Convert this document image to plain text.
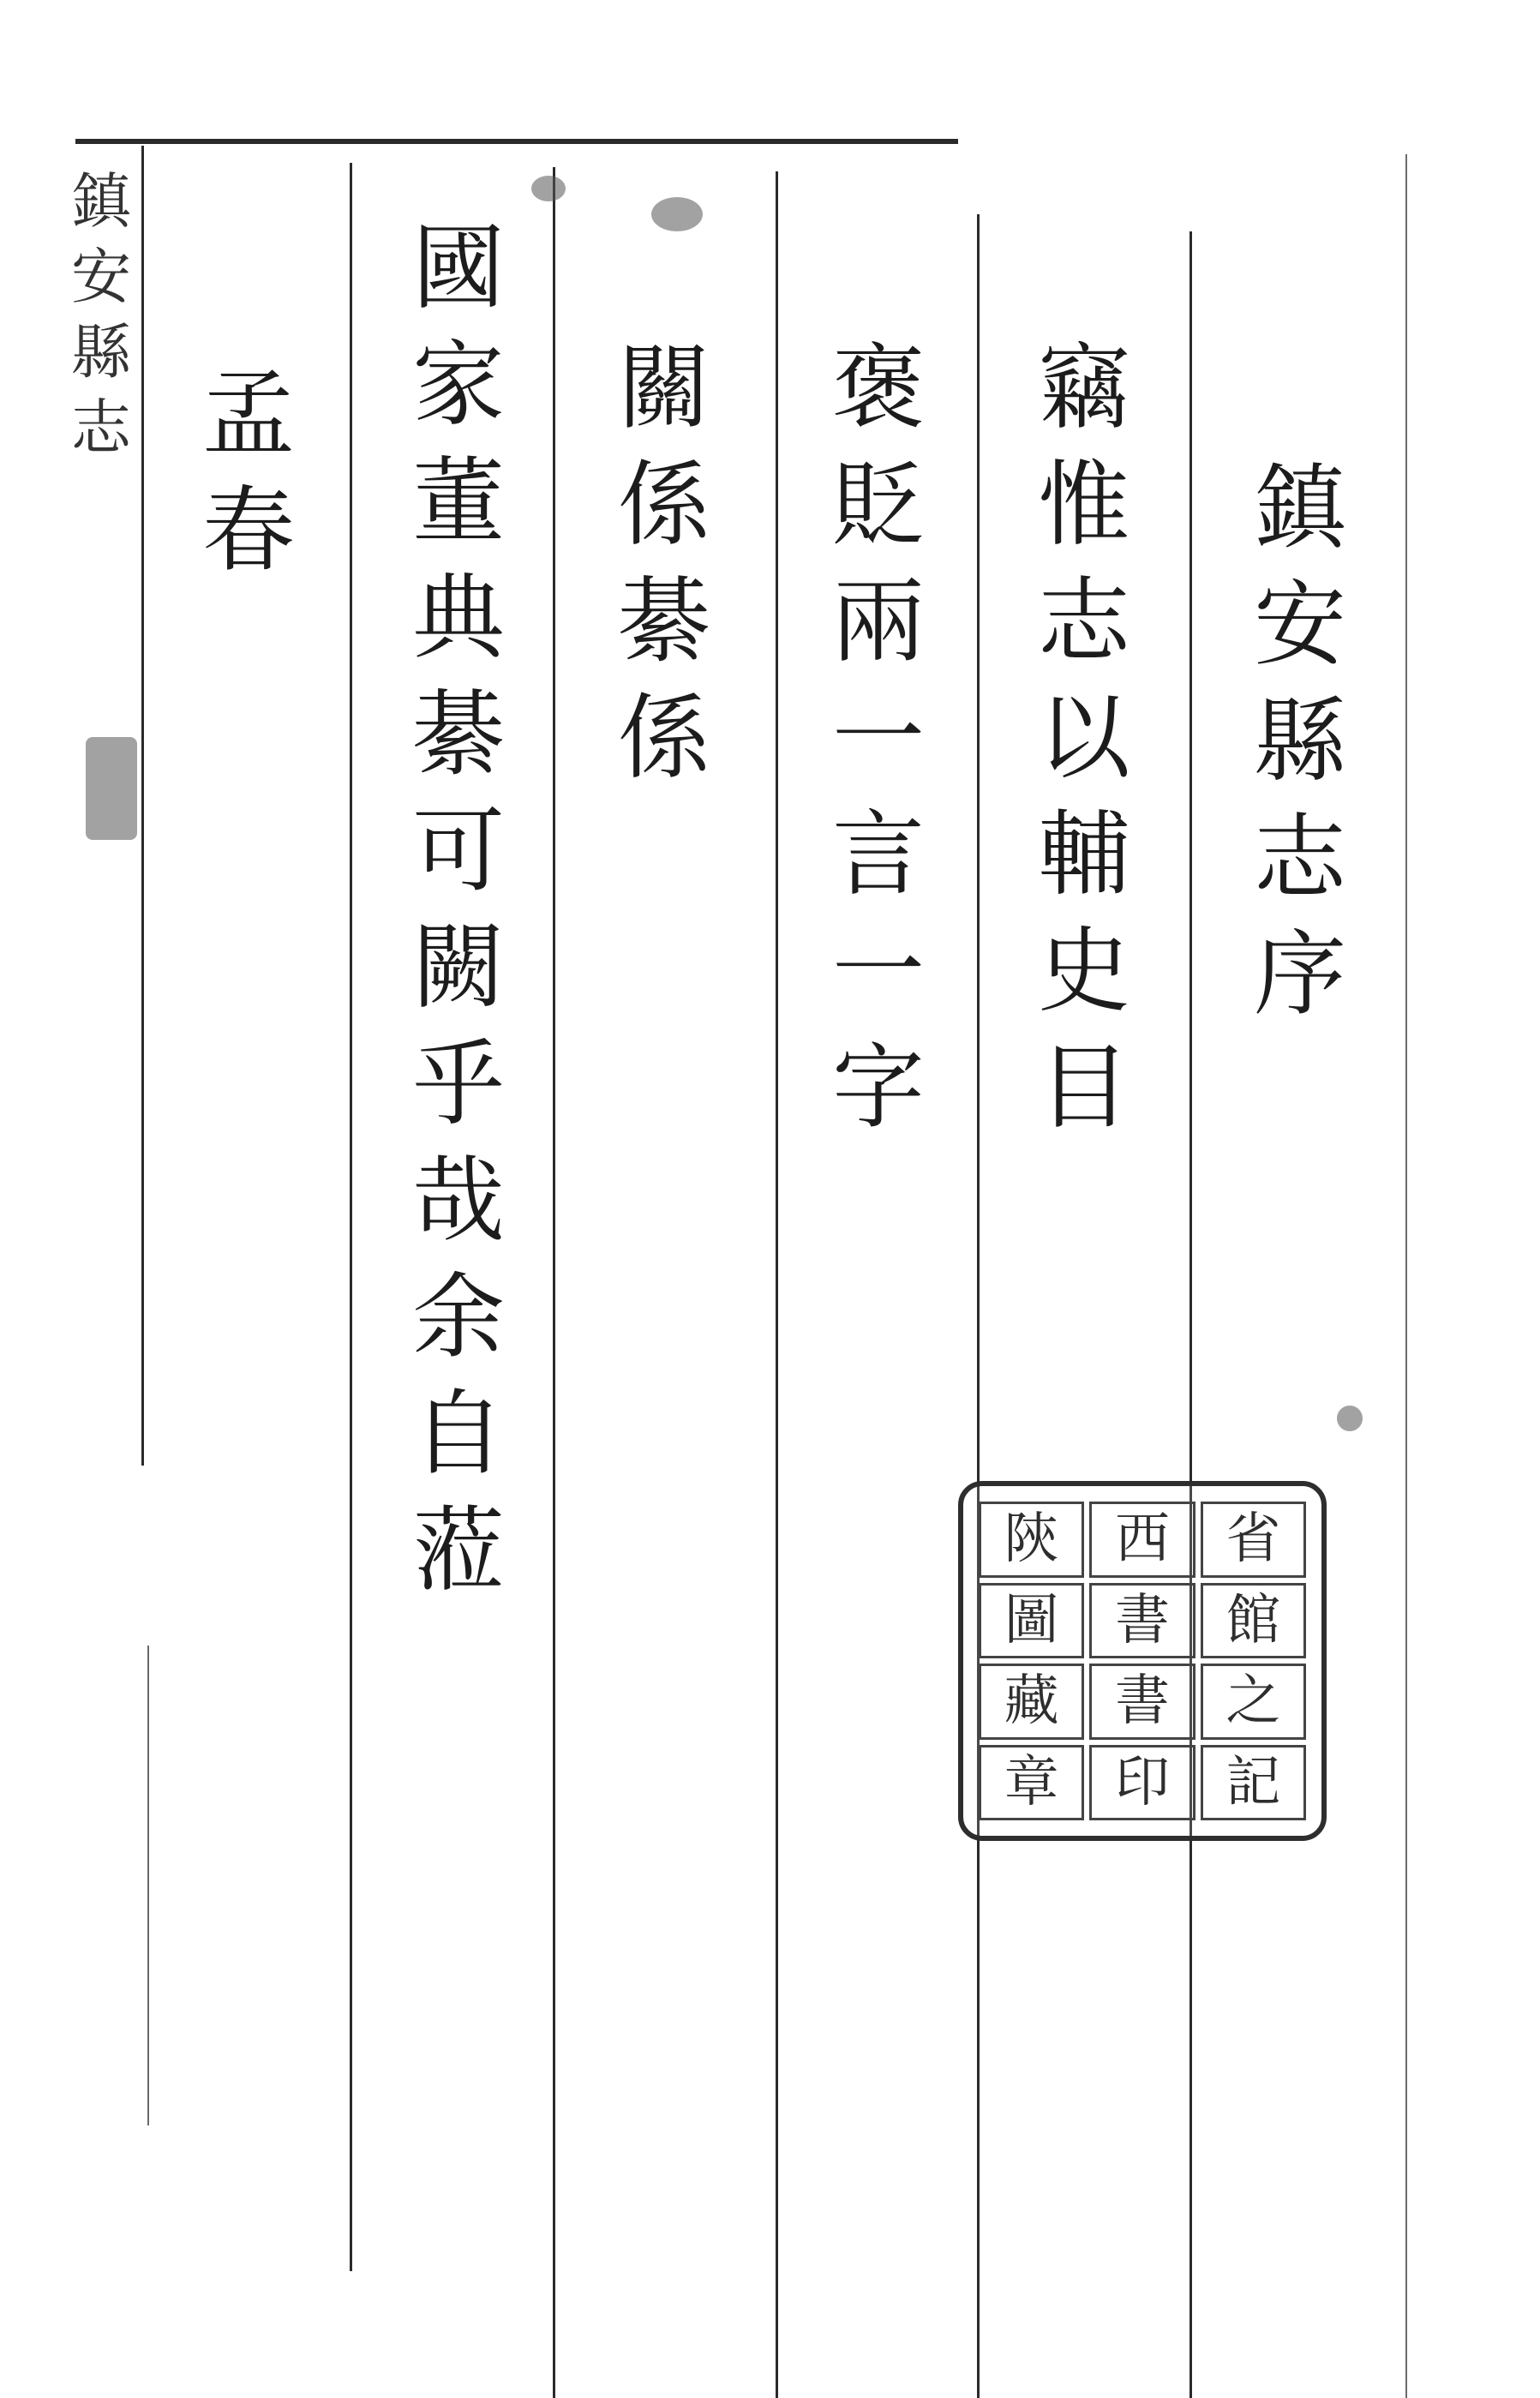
鎮
安
縣
志
序
竊
惟
志
以
輔
史
目
褒
貶
兩
一
言
一
字
關
係
綦
係
國
家
董
典
綦
可
闕
乎
哉
余
自
蒞
孟
春
鎮
安
縣
志
陝	西	省
圖	書	館
藏	書	之
章	印	記
